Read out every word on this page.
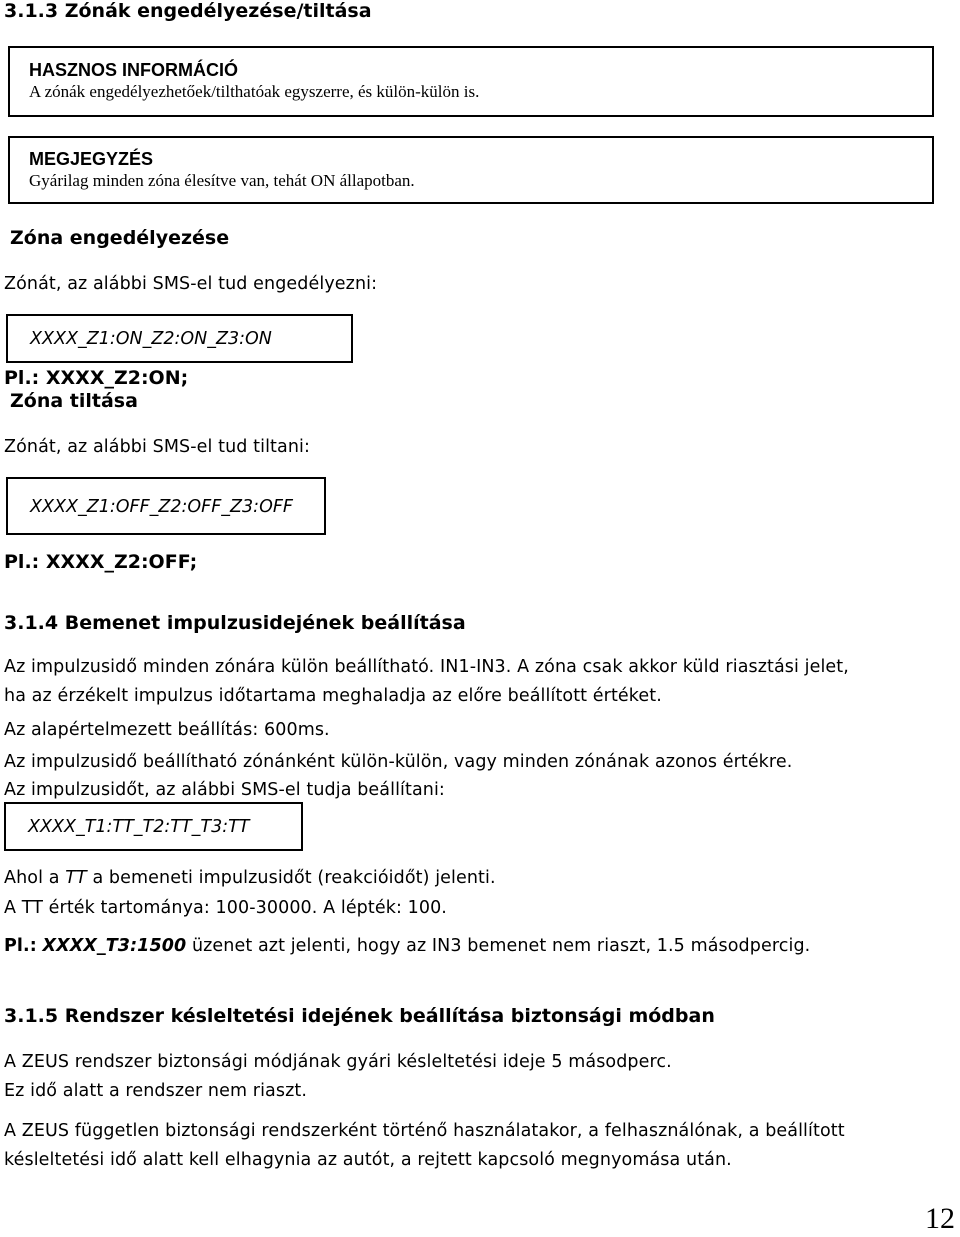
3.1.3 Zónák engedélyezése/tiltása
HASZNOS INFORMÁCIÓ
A zónák engedélyezhetőek/tilthatóak egyszerre, és külön-külön is.
MEGJEGYZÉS
Gyárilag minden zóna élesítve van, tehát ON állapotban.
Zóna engedélyezése
Zónát, az alábbi SMS-el tud engedélyezni:
XXXX_Z1:ON_Z2:ON_Z3:ON
Pl.: XXXX_Z2:ON;
Zóna tiltása
Zónát, az alábbi SMS-el tud tiltani:
XXXX_Z1:OFF_Z2:OFF_Z3:OFF
Pl.: XXXX_Z2:OFF;
3.1.4 Bemenet impulzusidejének beállítása
Az impulzusidő minden zónára külön beállítható. IN1-IN3. A zóna csak akkor küld riasztási jelet,
ha az érzékelt impulzus időtartama meghaladja az előre beállított értéket.
Az alapértelmezett beállítás: 600ms.
Az impulzusidő beállítható zónánként külön-külön, vagy minden zónának azonos értékre.
Az impulzusidőt, az alábbi SMS-el tudja beállítani:
XXXX_T1:TT_T2:TT_T3:TT
Ahol a TT a bemeneti impulzusidőt (reakcióidőt) jelenti.
A TT érték tartománya: 100-30000. A lépték: 100.
Pl.: XXXX_T3:1500 üzenet azt jelenti, hogy az IN3 bemenet nem riaszt, 1.5 másodpercig.
3.1.5 Rendszer késleltetési idejének beállítása biztonsági módban
A ZEUS rendszer biztonsági módjának gyári késleltetési ideje 5 másodperc.
Ez idő alatt a rendszer nem riaszt.
A ZEUS független biztonsági rendszerként történő használatakor, a felhasználónak, a beállított
késleltetési idő alatt kell elhagynia az autót, a rejtett kapcsoló megnyomása után.
12
